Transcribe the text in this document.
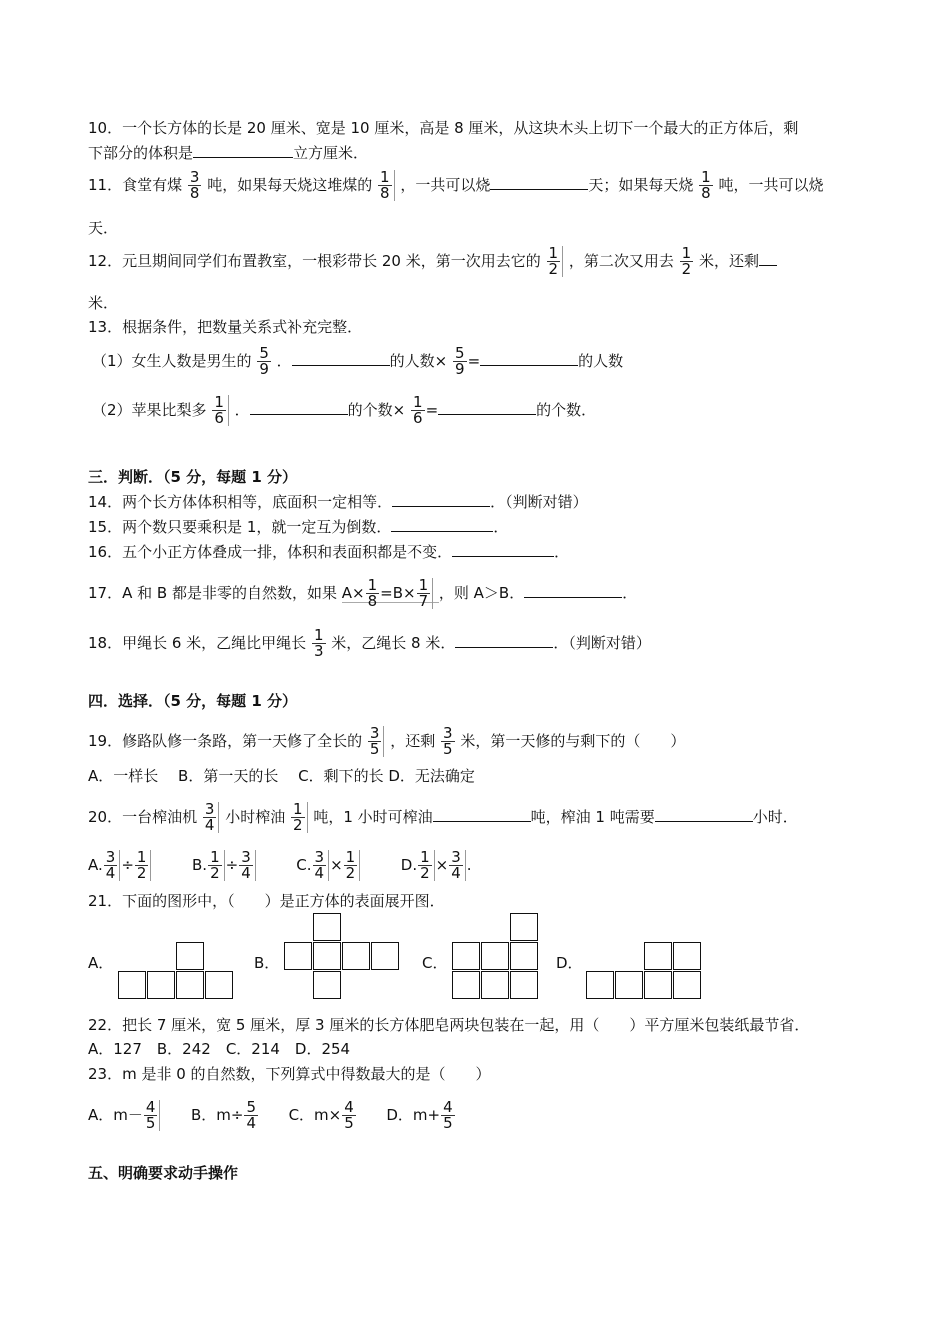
10．一个长方体的长是 20 厘米、宽是 10 厘米，高是 8 厘米，从这块木头上切下一个最大的正方体后，剩
下部分的体积是	立方厘米．
11．食堂有煤 $\frac{3}{8}$ 吨，如果每天烧这堆煤的 $\frac{1}{8}$ ，一共可以烧	天；如果每天烧 $\frac{1}{8}$ 吨，一共可以烧
天．
12．元旦期间同学们布置教室，一根彩带长 20 米，第一次用去它的 $\frac{1}{2}$ ，第二次又用去 $\frac{1}{2}$ 米，还剩
米．
13．根据条件，把数量关系式补充完整．
（1）女生人数是男生的 $\frac{5}{9}$ ．	的人数× $\frac{5}{9}$ =	的人数
（2）苹果比梨多 $\frac{1}{6}$ ．	的个数× $\frac{1}{6}$ =	的个数．
三．判断．（5 分，每题 1 分）
14．两个长方体体积相等，底面积一定相等．	．（判断对错）
15．两个数只要乘积是 1，就一定互为倒数．	．
16．五个小正方体叠成一排，体积和表面积都是不变．	．
17．A 和 B 都是非零的自然数，如果 $A\times \frac{1}{8} =B\times \frac{1}{7}$ ，则 A＞B．	．
18．甲绳长 6 米，乙绳比甲绳长 $\frac{1}{3}$ 米，乙绳长 8 米．	．（判断对错）
四．选择．（5 分，每题 1 分）
19．修路队修一条路，第一天修了全长的 $\frac{3}{5}$ ，还剩 $\frac{3}{5}$ 米，第一天修的与剩下的（　　）
A．一样长　 B．第一天的长　 C．剩下的长 D．无法确定
20．一台榨油机 $\frac{3}{4}$ 小时榨油 $\frac{1}{2}$ 吨，1 小时可榨油	吨，榨油 1 吨需要	小时．
A. $\frac{3}{4} \div \frac{1}{2}$	B. $\frac{1}{2} \div \frac{3}{4}$	C. $\frac{3}{4} \times \frac{1}{2}$	D. $\frac{1}{2} \times \frac{3}{4}$ .
21．下面的图形中，（　　）是正方体的表面展开图．
A．	B．	C．	D．
22．把长 7 厘米，宽 5 厘米，厚 3 厘米的长方体肥皂两块包装在一起，用（　　）平方厘米包装纸最节省．
A．127　B．242　C．214　D．254
23．m 是非 0 的自然数，下列算式中得数最大的是（　　）
A．$m- \frac{4}{5}$ B．$m\div \frac{5}{4}$ C．$m\times \frac{4}{5}$ D．$m+ \frac{4}{5}$
五、明确要求动手操作
